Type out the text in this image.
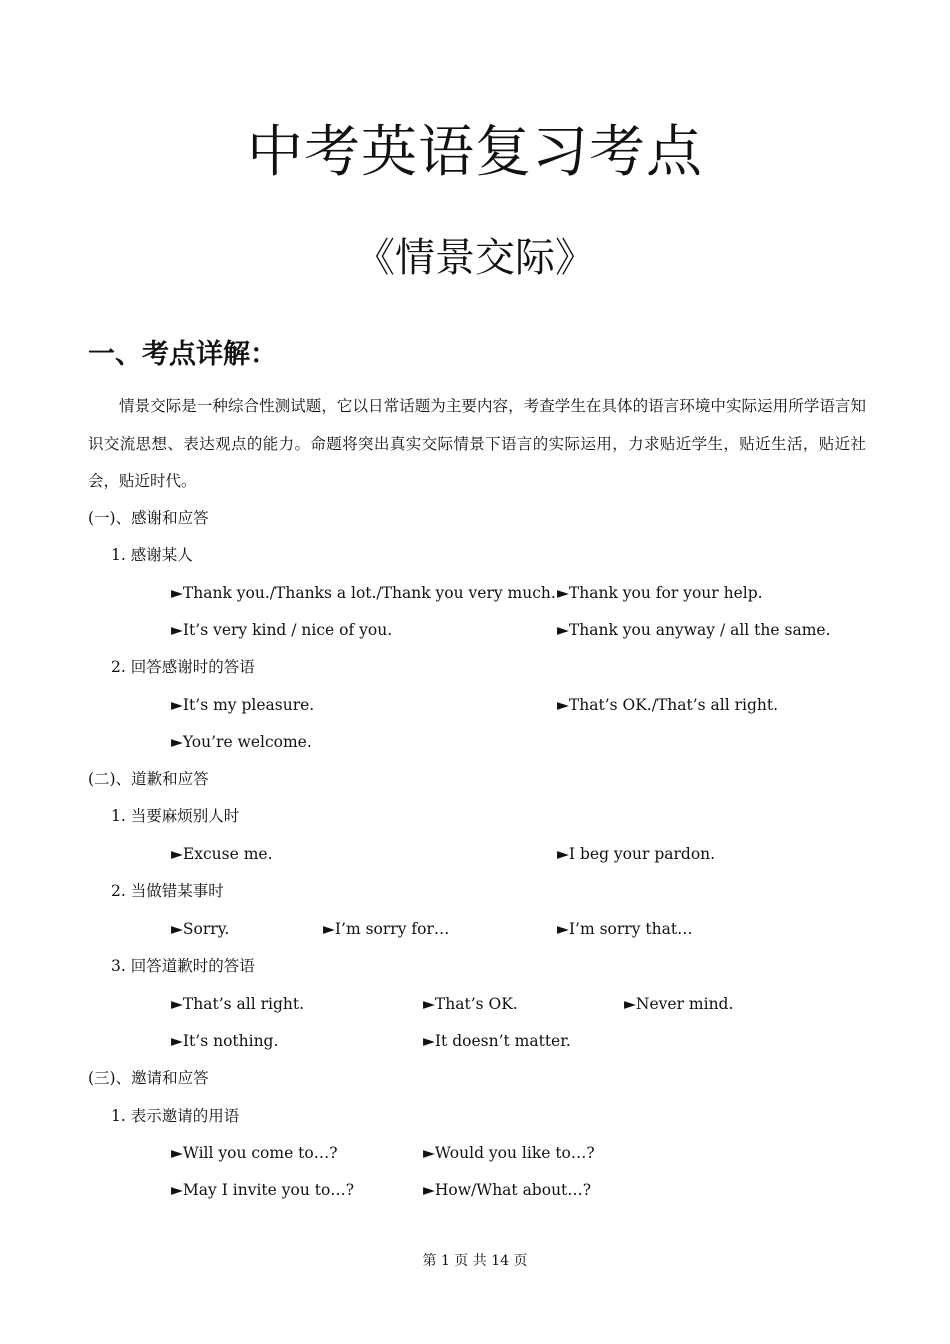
中考英语复习考点
《情景交际》
一、考点详解：
情景交际是一种综合性测试题，它以日常话题为主要内容，考查学生在具体的语言环境中实际运用所学语言知识交流思想、表达观点的能力。命题将突出真实交际情景下语言的实际运用，力求贴近学生，贴近生活，贴近社会，贴近时代。
(一)、感谢和应答
1. 感谢某人
►Thank you./Thanks a lot./Thank you very much. ►Thank you for your help.
►It’s very kind / nice of you.	►Thank you anyway / all the same.
2. 回答感谢时的答语
►It’s my pleasure.	►That’s OK./That’s all right.
►You’re welcome.
(二)、道歉和应答
1. 当要麻烦别人时
►Excuse me.	►I beg your pardon.
2. 当做错某事时
►Sorry.	►I’m sorry for…	►I’m sorry that…
3. 回答道歉时的答语
►That’s all right.	►That’s OK.	►Never mind.
►It’s nothing.	►It doesn’t matter.
(三)、邀请和应答
1. 表示邀请的用语
►Will you come to…?	►Would you like to…?
►May I invite you to…?	►How/What about…?
第 1 页 共 14 页
